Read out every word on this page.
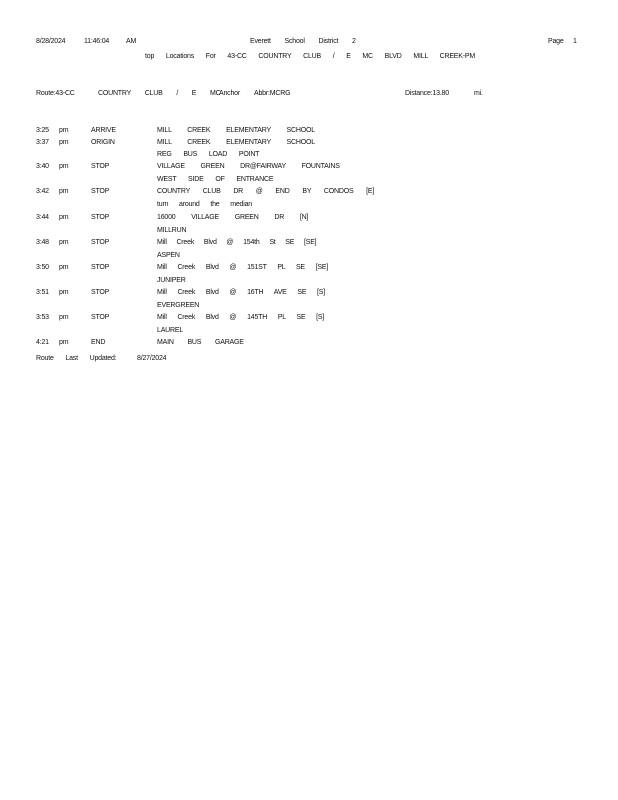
8/28/2024	11:46:04 AM	Everett School District 2	Page 1
top Locations For 43-CC COUNTRY CLUB / E MC BLVD MILL CREEK-PM
Route:43-CC	COUNTRY CLUB / E MC
Anchor Abbr:MCRG	Distance:13.80	mi.
3:25 pm	ARRIVE	MILL CREEK ELEMENTARY SCHOOL
3:37 pm	ORIGIN	MILL CREEK ELEMENTARY SCHOOL
REG BUS LOAD POINT
3:40 pm	STOP	VILLAGE GREEN DR@FAIRWAY FOUNTAINS
WEST SIDE OF ENTRANCE
3:42 pm	STOP	COUNTRY CLUB DR @ END BY CONDOS [E]
turn around the median
3:44 pm	STOP	16000 VILLAGE GREEN DR [N]
MILLRUN
3:48 pm	STOP	Mill Creek Blvd @ 154th St SE [SE]
ASPEN
3:50 pm	STOP	Mill Creek Blvd @ 151ST PL SE [SE]
JUNIPER
3:51 pm	STOP	Mill Creek Blvd @ 16TH AVE SE [S]
EVERGREEN
3:53 pm	STOP	Mill Creek Blvd @ 145TH PL SE [S]
LAUREL
4:21 pm	END	MAIN BUS GARAGE
Route Last Updated:	8/27/2024
